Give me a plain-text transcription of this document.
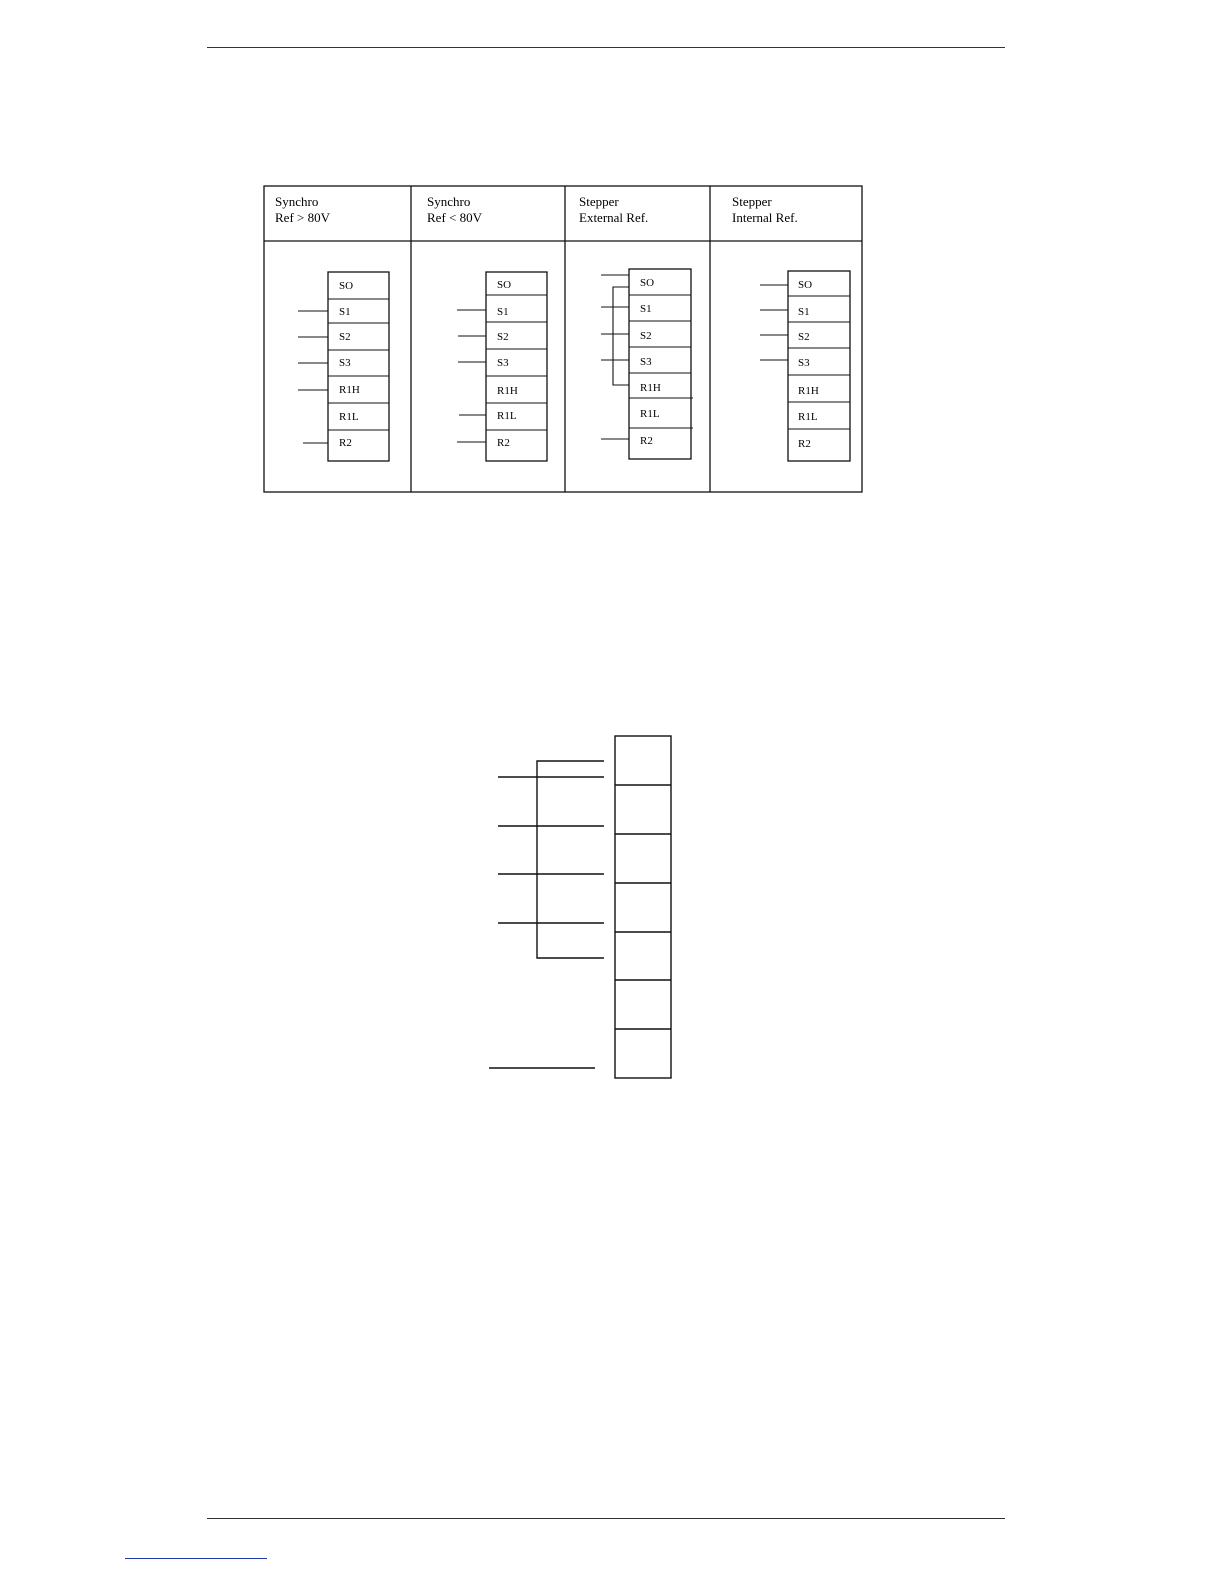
Synchro
Ref > 80V
Synchro
Ref < 80V
Stepper
External Ref.
Stepper
Internal Ref.
SO
S1
S2
S3
R1H
R1L
R2
SO
S1
S2
S3
R1H
R1L
R2
SO
S1
S2
S3
R1H
R1L
R2
SO
S1
S2
S3
R1H
R1L
R2
